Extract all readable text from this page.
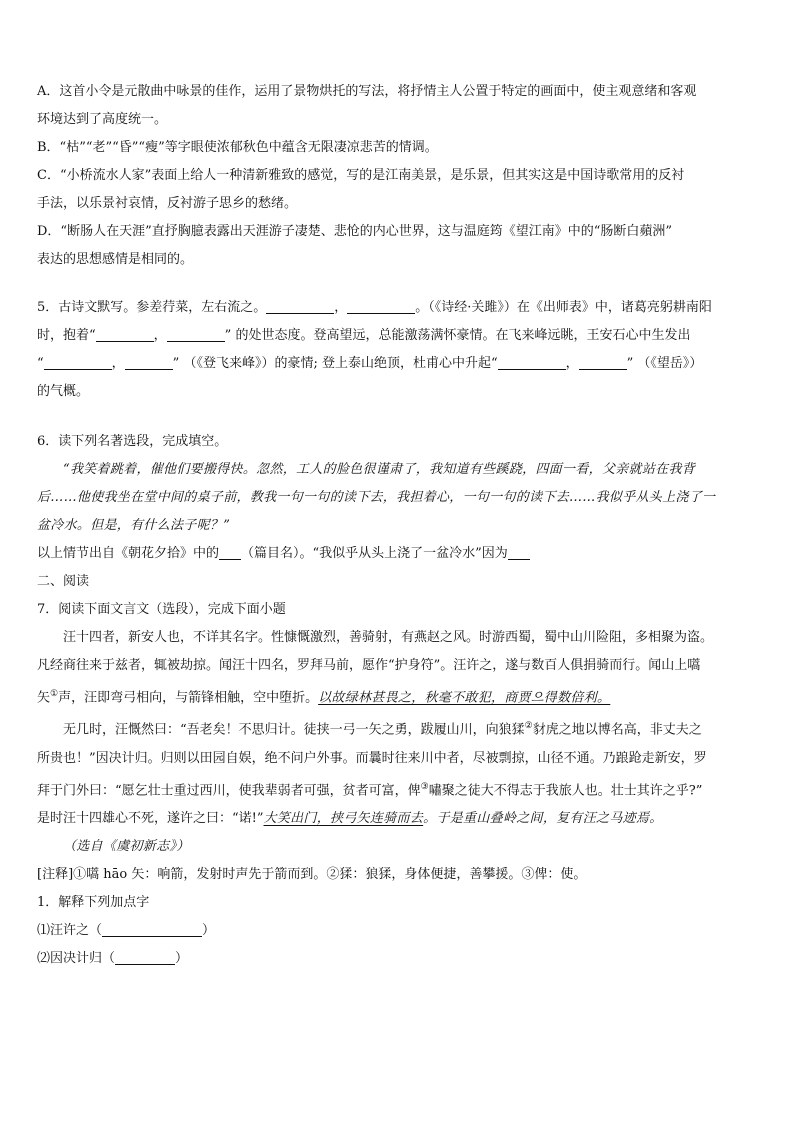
A．这首小令是元散曲中咏景的佳作，运用了景物烘托的写法，将抒情主人公置于特定的画面中，使主观意绪和客观

环境达到了高度统一。

B．“枯”“老”“昏”“瘦”等字眼使浓郁秋色中蕴含无限凄凉悲苦的情调。

C．“小桥流水人家”表面上给人一种清新雅致的感觉，写的是江南美景，是乐景，但其实这是中国诗歌常用的反衬

手法，以乐景衬哀情，反衬游子思乡的愁绪。

D．“断肠人在天涯”直抒胸臆表露出天涯游子凄楚、悲怆的内心世界，这与温庭筠《望江南》中的“肠断白蘋洲”

表达的思想感情是相同的。

5．古诗文默写。参差荇菜，左右流之。	，	。（《诗经·关雎》）在《出师表》中，诸葛亮躬耕南阳

时，抱着“	，	” 的处世态度。登高望远，总能激荡满怀豪情。在飞来峰远眺，王安石心中生发出

“	，	” （《登飞来峰》）的豪情; 登上泰山绝顶，杜甫心中升起“	，	” （《望岳》）

的气概。

6．读下列名著选段，完成填空。

“我笑着跳着，催他们要搬得快。忽然，工人的脸色很谨肃了，我知道有些蹊跷，四面一看，父亲就站在我背

后……他使我坐在堂中间的桌子前，教我一句一句的读下去，我担着心，一句一句的读下去……我似乎从头上浇了一

盆冷水。但是，有什么法子呢？”

以上情节出自《朝花夕拾》中的 （篇目名）。“我似乎从头上浇了一盆冷水”因为

二、阅读

7．阅读下面文言文（选段），完成下面小题

汪十四者，新安人也，不详其名字。性慷慨激烈，善骑射，有燕赵之风。时游西蜀，蜀中山川险阻，多相聚为盗。

凡经商往来于兹者，辄被劫掠。闻汪十四名，罗拜马前，愿作“护身符”。汪许之，遂与数百人俱捐骑而行。闻山上嚆

矢①声，汪即弯弓相向，与箭锋相触，空中堕折。以故绿林甚畏之，秋毫不敢犯，商贾으得数倍利。

无几时，汪慨然曰：“吾老矣！不思归计。徒挟一弓一矢之勇，跋履山川，向狼猱②豺虎之地以博名高，非丈夫之

所贵也！”因决计归。归则以田园自娱，绝不问户外事。而曩时往来川中者，尽被剽掠，山径不通。乃踉跄走新安，罗

拜于门外曰：“愿乞壮士重过西川，使我辈弱者可强，贫者可富，俾③嘯聚之徒大不得志于我旅人也。壮士其许之乎?”

是时汪十四雄心不死，遂许之曰：“诺!”大笑出门，挟弓矢连骑而去。于是重山叠岭之间，复有汪之马迹焉。

（选自《虞初新志》）

[注释]①嚆 hāo 矢：响箭，发射时声先于箭而到。②猱：狼猱，身体便捷，善攀援。③俾：使。

1．解释下列加点字

⑴汪许之（	）

⑵因决计归（	）
